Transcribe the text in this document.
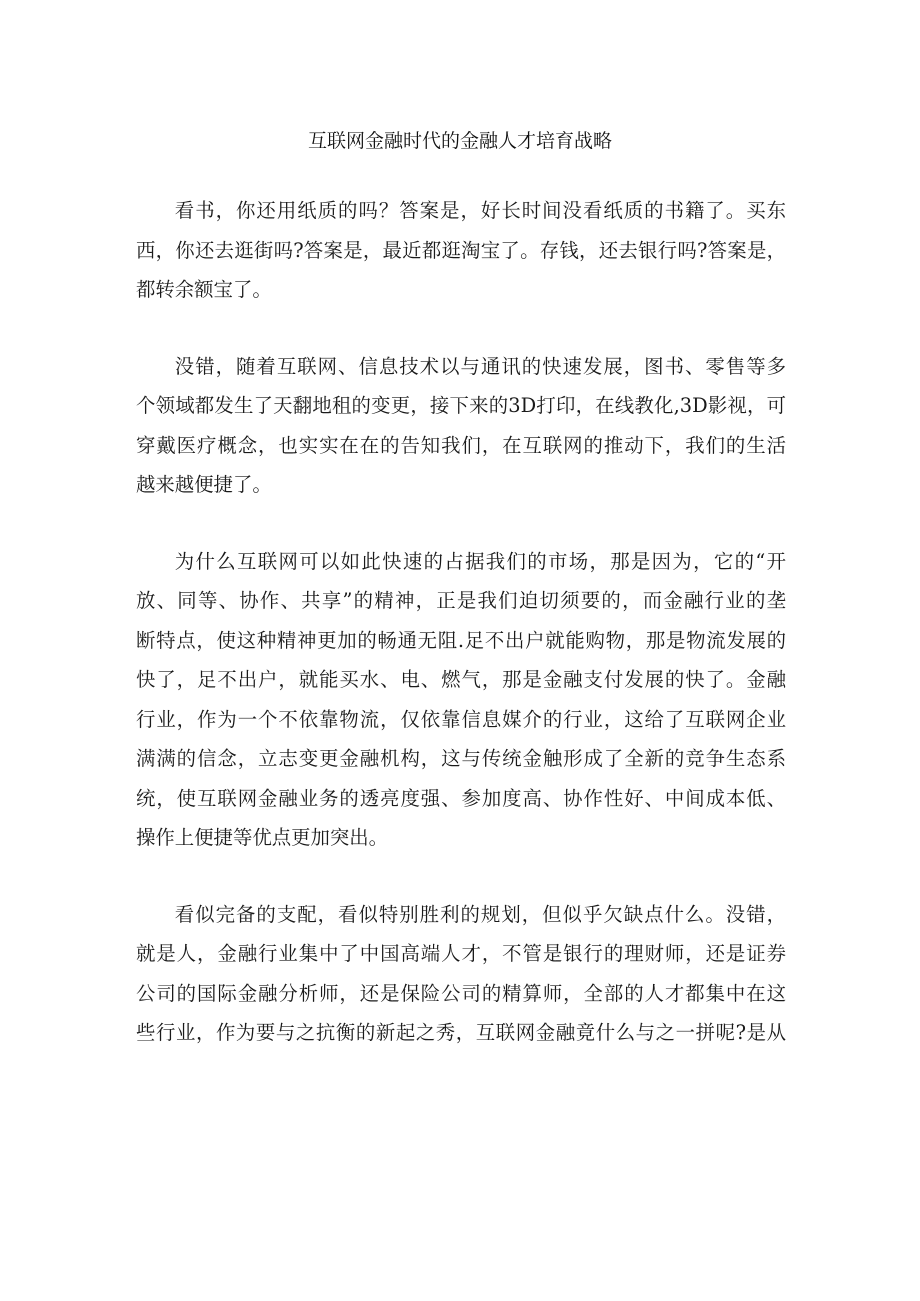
互联网金融时代的金融人才培育战略

看书，你还用纸质的吗？答案是，好长时间没看纸质的书籍了。买东
西，你还去逛街吗?答案是，最近都逛淘宝了。存钱，还去银行吗?答案是，
都转余额宝了。

没错，随着互联网、信息技术以与通讯的快速发展，图书、零售等多
个领域都发生了天翻地租的变更，接下来的3D打印，在线教化,3D影视，可
穿戴医疗概念，也实实在在的告知我们，在互联网的推动下，我们的生活
越来越便捷了。

为什么互联网可以如此快速的占据我们的市场，那是因为，它的“开
放、同等、协作、共享”的精神，正是我们迫切须要的，而金融行业的垄
断特点，使这种精神更加的畅通无阻.足不出户就能购物，那是物流发展的
快了，足不出户，就能买水、电、燃气，那是金融支付发展的快了。金融
行业，作为一个不依靠物流，仅依靠信息媒介的行业，这给了互联网企业
满满的信念，立志变更金融机构，这与传统金触形成了全新的竞争生态系
统，使互联网金融业务的透亮度强、参加度高、协作性好、中间成本低、
操作上便捷等优点更加突出。

看似完备的支配，看似特别胜利的规划，但似乎欠缺点什么。没错，
就是人，金融行业集中了中国高端人才，不管是银行的理财师，还是证券
公司的国际金融分析师，还是保险公司的精算师，全部的人才都集中在这
些行业，作为要与之抗衡的新起之秀，互联网金融竟什么与之一拼呢?是从
